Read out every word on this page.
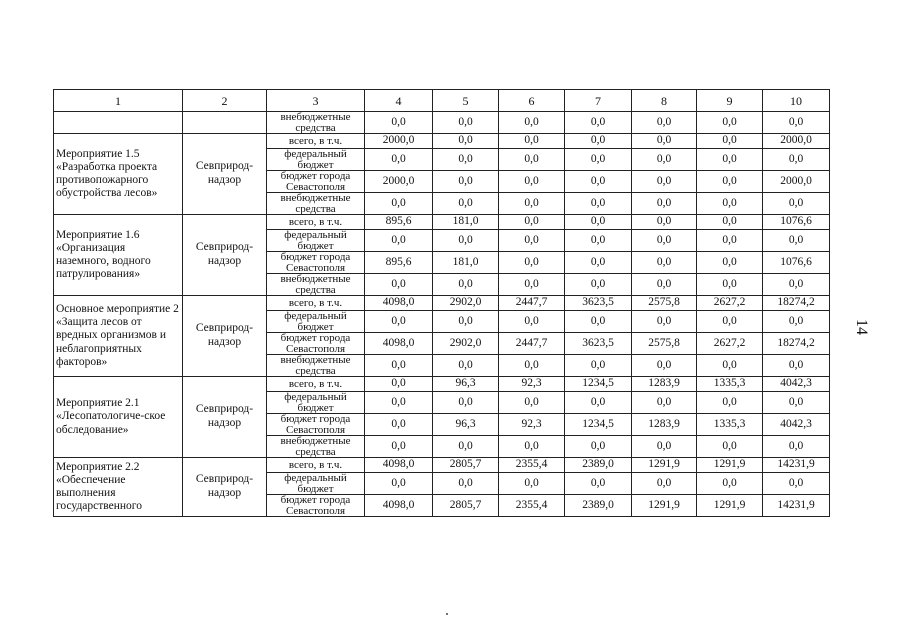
1	2	3	4	5	6	7	8	9	10
		внебюджетные средства	0,0	0,0	0,0	0,0	0,0	0,0	0,0
Мероприятие 1.5 «Разработка проекта противопожарного обустройства лесов»	Севприрод-надзор	всего, в т.ч.	2000,0	0,0	0,0	0,0	0,0	0,0	2000,0
		федеральный бюджет	0,0	0,0	0,0	0,0	0,0	0,0	0,0
		бюджет города Севастополя	2000,0	0,0	0,0	0,0	0,0	0,0	2000,0
		внебюджетные средства	0,0	0,0	0,0	0,0	0,0	0,0	0,0
Мероприятие 1.6 «Организация наземного, водного патрулирования»	Севприрод-надзор	всего, в т.ч.	895,6	181,0	0,0	0,0	0,0	0,0	1076,6
		федеральный бюджет	0,0	0,0	0,0	0,0	0,0	0,0	0,0
		бюджет города Севастополя	895,6	181,0	0,0	0,0	0,0	0,0	1076,6
		внебюджетные средства	0,0	0,0	0,0	0,0	0,0	0,0	0,0
Основное мероприятие 2 «Защита лесов от вредных организмов и неблагоприятных факторов»	Севприрод-надзор	всего, в т.ч.	4098,0	2902,0	2447,7	3623,5	2575,8	2627,2	18274,2
		федеральный бюджет	0,0	0,0	0,0	0,0	0,0	0,0	0,0
		бюджет города Севастополя	4098,0	2902,0	2447,7	3623,5	2575,8	2627,2	18274,2
		внебюджетные средства	0,0	0,0	0,0	0,0	0,0	0,0	0,0
Мероприятие 2.1 «Лесопатологиче-ское обследование»	Севприрод-надзор	всего, в т.ч.	0,0	96,3	92,3	1234,5	1283,9	1335,3	4042,3
		федеральный бюджет	0,0	0,0	0,0	0,0	0,0	0,0	0,0
		бюджет города Севастополя	0,0	96,3	92,3	1234,5	1283,9	1335,3	4042,3
		внебюджетные средства	0,0	0,0	0,0	0,0	0,0	0,0	0,0
Мероприятие 2.2 «Обеспечение выполнения государственного	Севприрод-надзор	всего, в т.ч.	4098,0	2805,7	2355,4	2389,0	1291,9	1291,9	14231,9
		федеральный бюджет	0,0	0,0	0,0	0,0	0,0	0,0	0,0
		бюджет города Севастополя	4098,0	2805,7	2355,4	2389,0	1291,9	1291,9	14231,9
14
